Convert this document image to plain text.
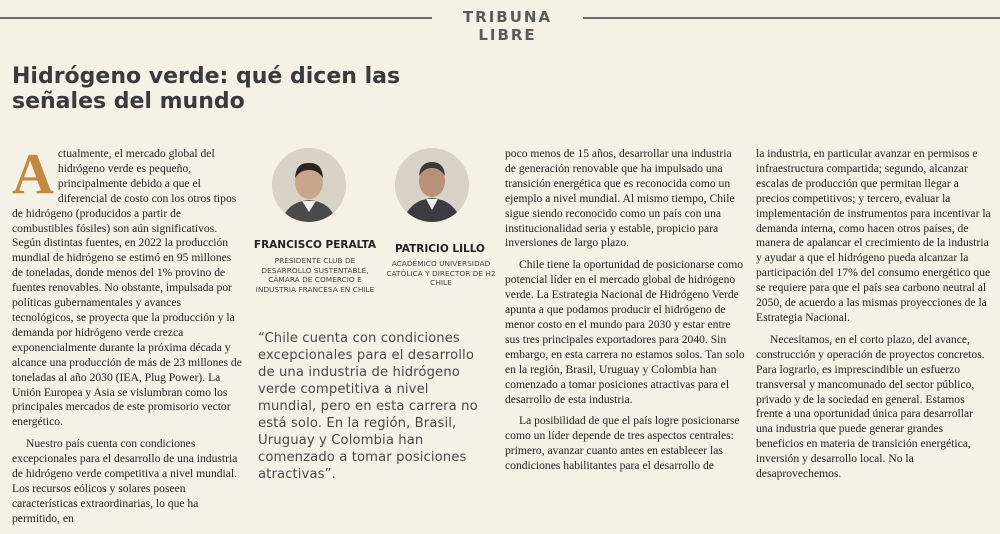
TRIBUNA LIBRE
Hidrógeno verde: qué dicen las señales del mundo

Actualmente, el mercado global del hidrógeno verde es pequeño, principalmente debido a que el diferencial de costo con los otros tipos de hidrógeno (producidos a partir de combustibles fósiles) son aún significativos. Según distintas fuentes, en 2022 la producción mundial de hidrógeno se estimó en 95 millones de toneladas, donde menos del 1% provino de fuentes renovables. No obstante, impulsada por políticas gubernamentales y avances tecnológicos, se proyecta que la producción y la demanda por hidrógeno verde crezca exponencialmente durante la próxima década y alcance una producción de más de 23 millones de toneladas al año 2030 (IEA, Plug Power). La Unión Europea y Asia se vislumbran como los principales mercados de este promisorio vector energético.

Nuestro país cuenta con condiciones excepcionales para el desarrollo de una industria de hidrógeno verde competitiva a nivel mundial. Los recursos eólicos y solares poseen características extraordinarias, lo que ha permitido, en

FRANCISCO PERALTA
PRESIDENTE CLUB DE DESARROLLO SUSTENTABLE, CÁMARA DE COMERCIO E INDUSTRIA FRANCESA EN CHILE
PATRICIO LILLO
ACADÉMICO UNIVERSIDAD CATÓLICA Y DIRECTOR DE H2 CHILE
“Chile cuenta con condiciones excepcionales para el desarrollo de una industria de hidrógeno verde competitiva a nivel mundial, pero en esta carrera no está solo. En la región, Brasil, Uruguay y Colombia han comenzado a tomar posiciones atractivas”.

poco menos de 15 años, desarrollar una industria de generación renovable que ha impulsado una transición energética que es reconocida como un ejemplo a nivel mundial. Al mismo tiempo, Chile sigue siendo reconocido como un país con una institucionalidad seria y estable, propicio para inversiones de largo plazo.

Chile tiene la oportunidad de posicionarse como potencial líder en el mercado global de hidrógeno verde. La Estrategia Nacional de Hidrógeno Verde apunta a que podamos producir el hidrógeno de menor costo en el mundo para 2030 y estar entre sus tres principales exportadores para 2040. Sin embargo, en esta carrera no estamos solos. Tan solo en la región, Brasil, Uruguay y Colombia han comenzado a tomar posiciones atractivas para el desarrollo de esta industria.

La posibilidad de que el país logre posicionarse como un líder depende de tres aspectos centrales: primero, avanzar cuanto antes en establecer las condiciones habilitantes para el desarrollo de

la industria, en particular avanzar en permisos e infraestructura compartida; segundo, alcanzar escalas de producción que permitan llegar a precios competitivos; y tercero, evaluar la implementación de instrumentos para incentivar la demanda interna, como hacen otros países, de manera de apalancar el crecimiento de la industria y ayudar a que el hidrógeno pueda alcanzar la participación del 17% del consumo energético que se requiere para que el país sea carbono neutral al 2050, de acuerdo a las mismas proyecciones de la Estrategia Nacional.

Necesitamos, en el corto plazo, del avance, construcción y operación de proyectos concretos. Para lograrlo, es imprescindible un esfuerzo transversal y mancomunado del sector público, privado y de la sociedad en general. Estamos frente a una oportunidad única para desarrollar una industria que puede generar grandes beneficios en materia de transición energética, inversión y desarrollo local. No la desaprovechemos.
